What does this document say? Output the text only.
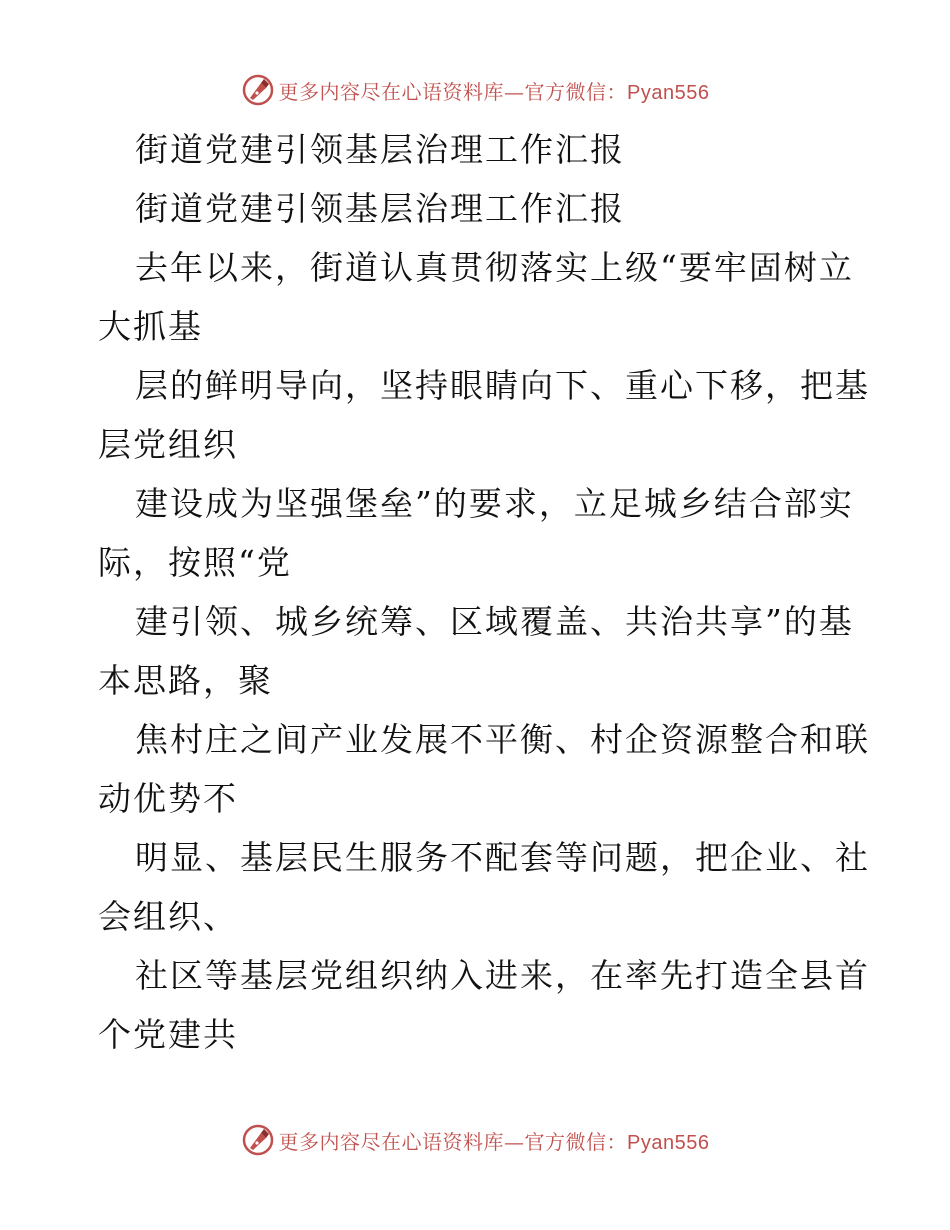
更多内容尽在心语资料库—官方微信：Pyan556
街道党建引领基层治理工作汇报
街道党建引领基层治理工作汇报
去年以来，街道认真贯彻落实上级“要牢固树立
大抓基
层的鲜明导向，坚持眼睛向下、重心下移，把基
层党组织
建设成为坚强堡垒”的要求，立足城乡结合部实
际，按照“党
建引领、城乡统筹、区域覆盖、共治共享”的基
本思路，聚
焦村庄之间产业发展不平衡、村企资源整合和联
动优势不
明显、基层民生服务不配套等问题，把企业、社
会组织、
社区等基层党组织纳入进来，在率先打造全县首
个党建共
更多内容尽在心语资料库—官方微信：Pyan556
